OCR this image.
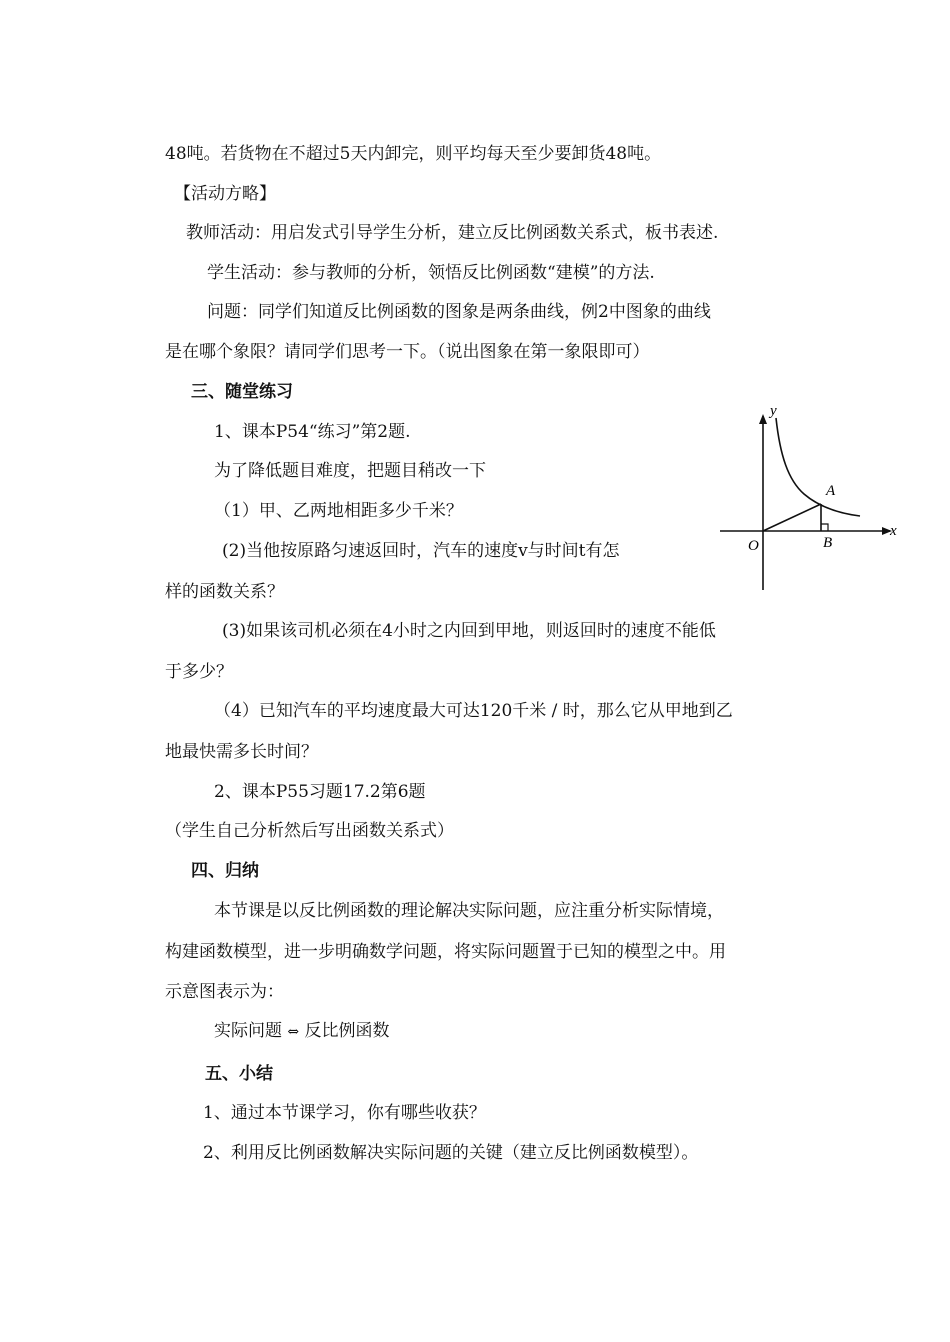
48吨。若货物在不超过5天内卸完，则平均每天至少要卸货48吨。
【活动方略】
教师活动：用启发式引导学生分析，建立反比例函数关系式，板书表述.
学生活动：参与教师的分析，领悟反比例函数“建模”的方法.
问题：同学们知道反比例函数的图象是两条曲线，例2中图象的曲线
是在哪个象限？请同学们思考一下。（说出图象在第一象限即可）
三、随堂练习
1、课本P54“练习”第2题.
为了降低题目难度，把题目稍改一下
（1）甲、乙两地相距多少千米？
(2)当他按原路匀速返回时，汽车的速度v与时间t有怎
样的函数关系？
(3)如果该司机必须在4小时之内回到甲地，则返回时的速度不能低
于多少？
（4）已知汽车的平均速度最大可达120千米 / 时，那么它从甲地到乙
地最快需多长时间？
2、课本P55习题17.2第6题
（学生自己分析然后写出函数关系式）
四、归纳
本节课是以反比例函数的理论解决实际问题，应注重分析实际情境，
构建函数模型，进一步明确数学问题，将实际问题置于已知的模型之中。用
示意图表示为：
实际问题 ⇔ 反比例函数
五、小结
1、通过本节课学习，你有哪些收获？
2、利用反比例函数解决实际问题的关键（建立反比例函数模型）。
y
x
O
A
B
